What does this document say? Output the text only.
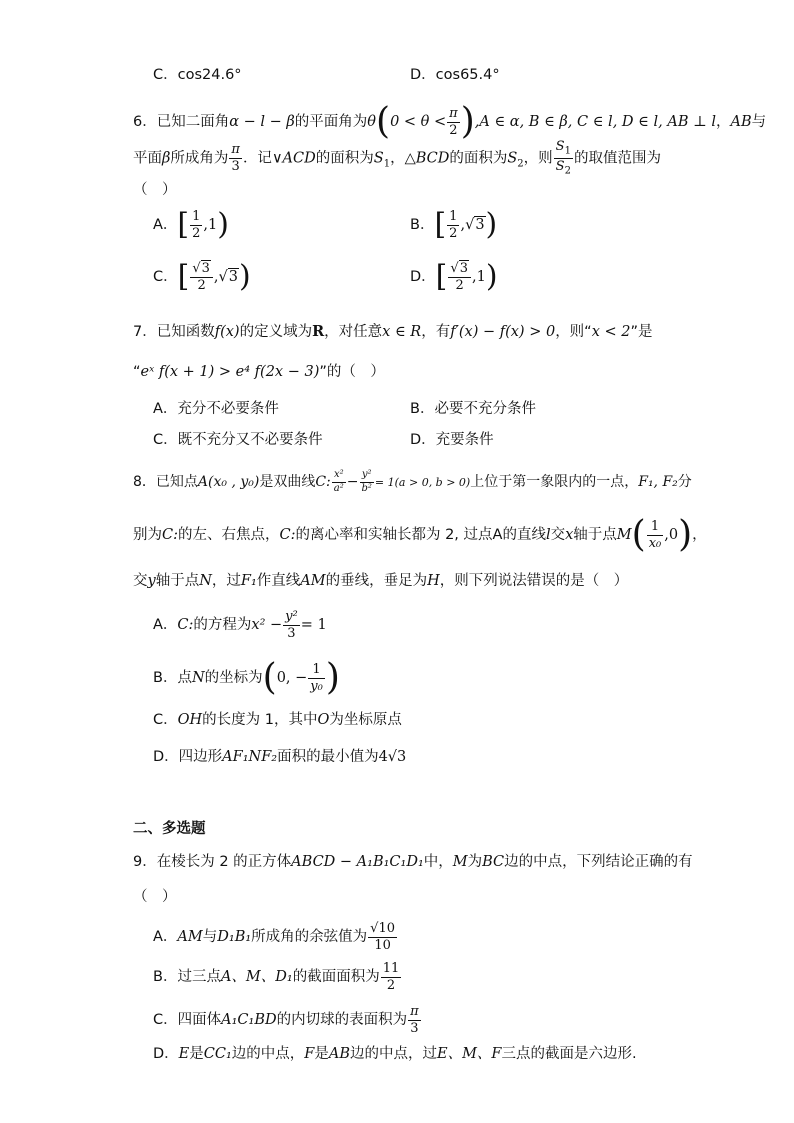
C．cos24.6°	D．cos65.4°
6．已知二面角α − l − β的平面角为$\theta(0 < \theta < \frac{\pi}{2} ),A$ ∈ α, B ∈ β, C ∈ l, D ∈ l, AB ⊥ l，AB与
平面β所成角为 $\frac{\pi}{3}$ ．记∨ACD的面积为$S_1$，△BCD的面积为$S_2$，则 $\frac{S_1}{S_2}$ 的取值范围为
（　）
A．[ $\frac{1}{2} ,1$)	B．[ $\frac{1}{2} ,√3$)
C．[ $\frac{√3}{2} ,√3$)	D．[ $\frac{√3}{2} ,1$)
7．已知函数f(x)的定义域为R，对任意x ∈ R，有f′(x) − f(x) > 0，则“x < 2”是
“eˣ f(x + 1) > e⁴ f(2x − 3)”的（　）
A．充分不必要条件	B．必要不充分条件
C．既不充分又不必要条件	D．充要条件
8．已知点A(x₀ , y₀)是双曲线C: $\frac{\text{x²}}{\text{a²}} - \frac{\text{y²}}{\text{b²}} = 1(a > 0$, b > 0)上位于第一象限内的一点，F₁, F₂分
别为C:的左、右焦点，C:的离心率和实轴长都为 2, 过点A的直线l交x轴于点$M( \frac{1}{\text{x₀}} ,0)$，
交y轴于点N，过F₁作直线AM的垂线，垂足为H，则下列说法错误的是（　）
A．C:的方程为$x^2 - \frac{\text{y²}}{3} = 1$
B．点N的坐标为(0, − $\frac{1}{\text{y₀}}$ )
C．OH的长度为 1，其中O为坐标原点
D．四边形AF₁NF₂面积的最小值为4√3
二、多选题
9．在棱长为 2 的正方体ABCD − A₁B₁C₁D₁中，M为BC边的中点，下列结论正确的有
（　）
A．AM与D₁B₁所成角的余弦值为 $\frac{√10}{10}$
B．过三点A、M、D₁的截面面积为 $\frac{11}{2}$
C．四面体A₁C₁BD的内切球的表面积为 $\frac{\pi}{3}$
D．E是CC₁边的中点，F是AB边的中点，过E、M、F三点的截面是六边形.
